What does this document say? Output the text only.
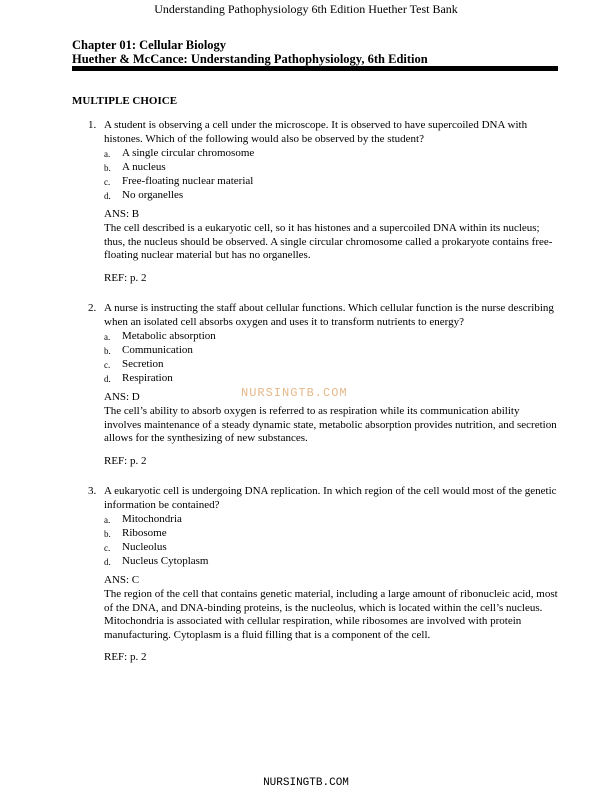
Understanding Pathophysiology 6th Edition Huether Test Bank
Chapter 01: Cellular Biology
Huether & McCance: Understanding Pathophysiology, 6th Edition
MULTIPLE CHOICE
1. A student is observing a cell under the microscope. It is observed to have supercoiled DNA with histones. Which of the following would also be observed by the student?
a. A single circular chromosome
b. A nucleus
c. Free-floating nuclear material
d. No organelles
ANS: B
The cell described is a eukaryotic cell, so it has histones and a supercoiled DNA within its nucleus; thus, the nucleus should be observed. A single circular chromosome called a prokaryote contains free-floating nuclear material but has no organelles.
REF: p. 2
2. A nurse is instructing the staff about cellular functions. Which cellular function is the nurse describing when an isolated cell absorbs oxygen and uses it to transform nutrients to energy?
a. Metabolic absorption
b. Communication
c. Secretion
d. Respiration
ANS: D
The cell’s ability to absorb oxygen is referred to as respiration while its communication ability involves maintenance of a steady dynamic state, metabolic absorption provides nutrition, and secretion allows for the synthesizing of new substances.
REF: p. 2
3. A eukaryotic cell is undergoing DNA replication. In which region of the cell would most of the genetic information be contained?
a. Mitochondria
b. Ribosome
c. Nucleolus
d. Nucleus Cytoplasm
ANS: C
The region of the cell that contains genetic material, including a large amount of ribonucleic acid, most of the DNA, and DNA-binding proteins, is the nucleolus, which is located within the cell’s nucleus. Mitochondria is associated with cellular respiration, while ribosomes are involved with protein manufacturing. Cytoplasm is a fluid filling that is a component of the cell.
REF: p. 2
NURSINGTB.COM
NURSINGTB.COM
